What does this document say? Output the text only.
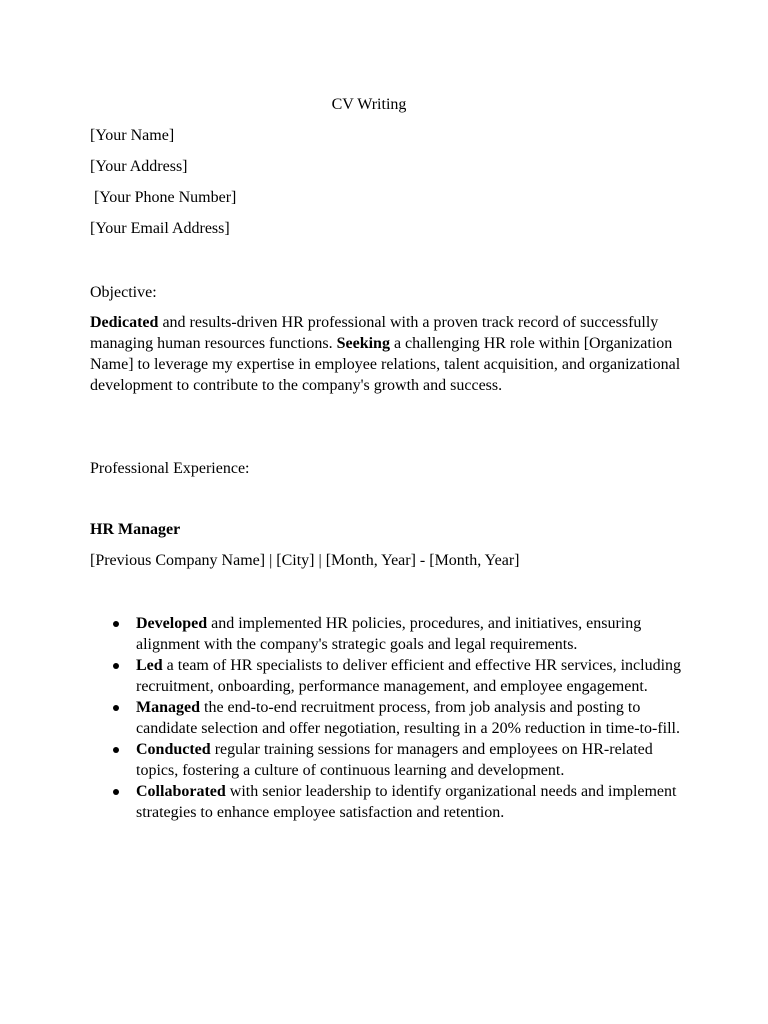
CV Writing

[Your Name]

[Your Address]

[Your Phone Number]

[Your Email Address]

Objective:

Dedicated and results-driven HR professional with a proven track record of successfully managing human resources functions. Seeking a challenging HR role within [Organization Name] to leverage my expertise in employee relations, talent acquisition, and organizational development to contribute to the company's growth and success.

Professional Experience:
HR Manager

[Previous Company Name] | [City] | [Month, Year] - [Month, Year]

Developed and implemented HR policies, procedures, and initiatives, ensuring alignment with the company's strategic goals and legal requirements.
Led a team of HR specialists to deliver efficient and effective HR services, including recruitment, onboarding, performance management, and employee engagement.
Managed the end-to-end recruitment process, from job analysis and posting to candidate selection and offer negotiation, resulting in a 20% reduction in time-to-fill.
Conducted regular training sessions for managers and employees on HR-related topics, fostering a culture of continuous learning and development.
Collaborated with senior leadership to identify organizational needs and implement strategies to enhance employee satisfaction and retention.
